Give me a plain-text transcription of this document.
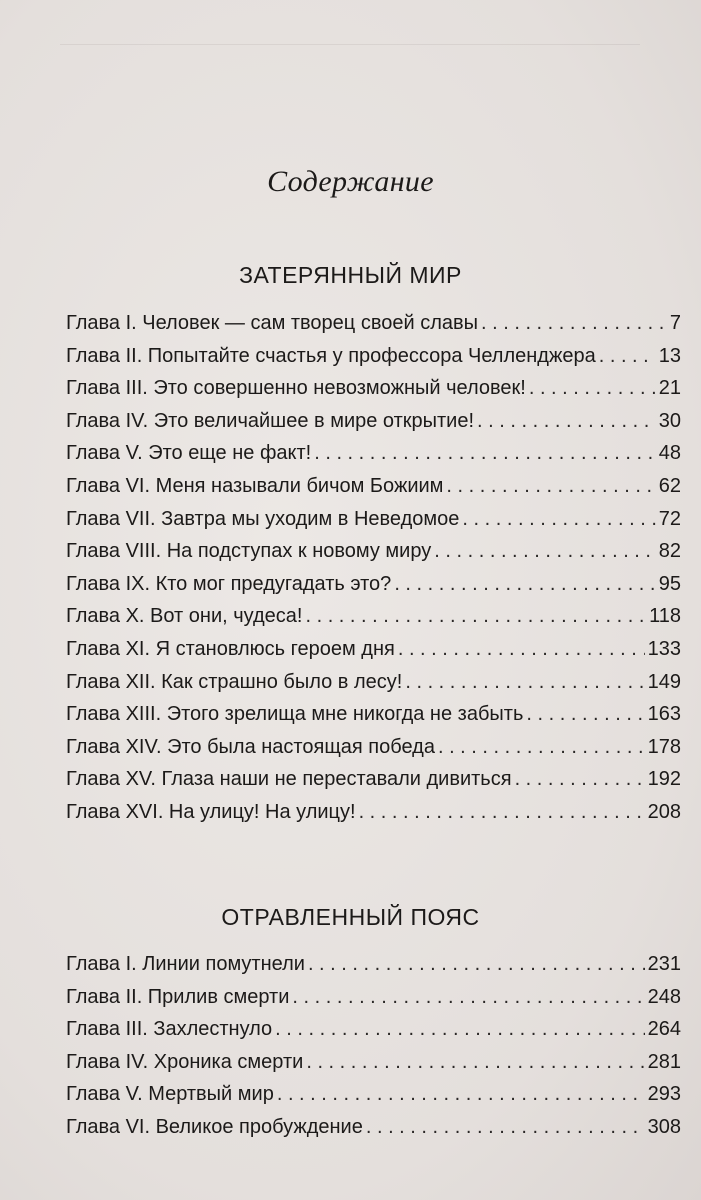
Содержание
ЗАТЕРЯННЫЙ МИР
Глава I. Человек — сам творец своей славы . . .	7
Глава II. Попытайте счастья у профессора Челленджера . . .	13
Глава III. Это совершенно невозможный человек! . . .	21
Глава IV. Это величайшее в мире открытие! . . .	30
Глава V. Это еще не факт! . . .	48
Глава VI. Меня называли бичом Божиим . . .	62
Глава VII. Завтра мы уходим в Неведомое . . .	72
Глава VIII. На подступах к новому миру . . .	82
Глава IX. Кто мог предугадать это? . . .	95
Глава X. Вот они, чудеса! . . .	118
Глава XI. Я становлюсь героем дня . . .	133
Глава XII. Как страшно было в лесу! . . .	149
Глава XIII. Этого зрелища мне никогда не забыть . . .	163
Глава XIV. Это была настоящая победа . . .	178
Глава XV. Глаза наши не переставали дивиться . . .	192
Глава XVI. На улицу! На улицу! . . .	208
ОТРАВЛЕННЫЙ ПОЯС
Глава I. Линии помутнели . . .	231
Глава II. Прилив смерти . . .	248
Глава III. Захлестнуло . . .	264
Глава IV. Хроника смерти . . .	281
Глава V. Мертвый мир . . .	293
Глава VI. Великое пробуждение . . .	308
